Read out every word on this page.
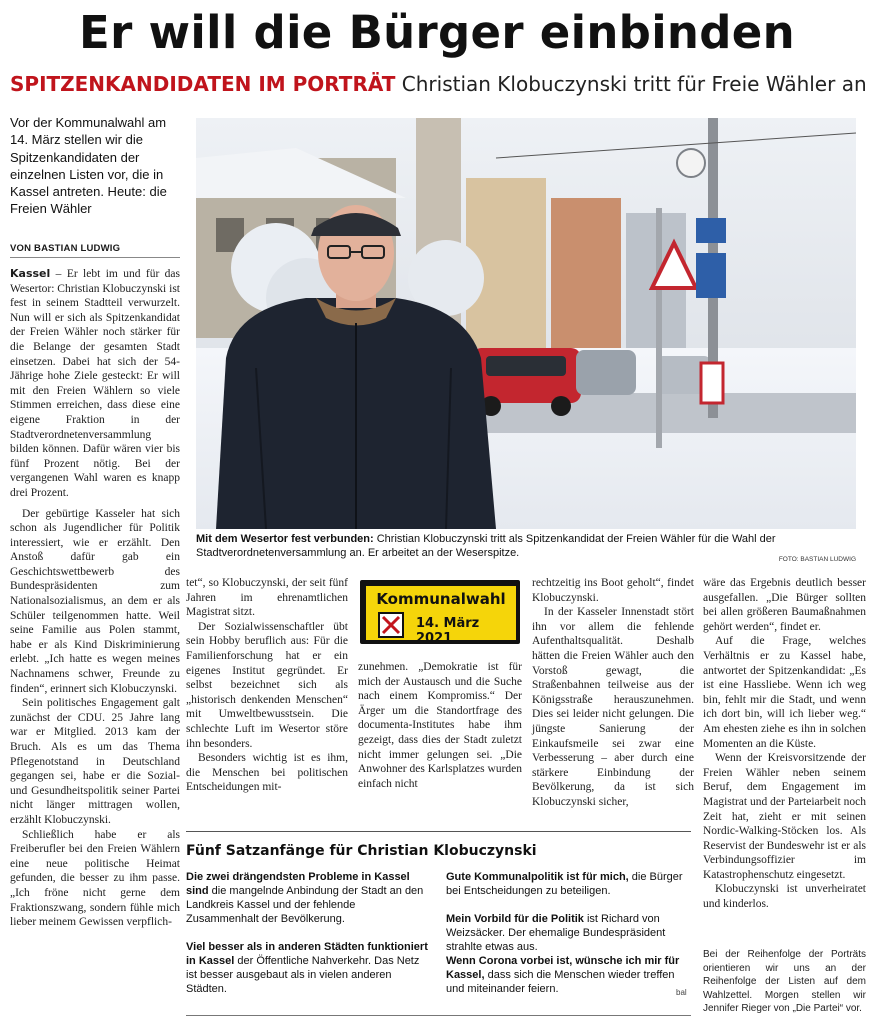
Er will die Bürger einbinden
SPITZENKANDIDATEN IM PORTRÄT Christian Klobuczynski tritt für Freie Wähler an
Vor der Kommunalwahl am 14. März stellen wir die Spitzenkandidaten der einzelnen Listen vor, die in Kassel antreten. Heute: die Freien Wähler
VON BASTIAN LUDWIG

Kassel – Er lebt im und für das Wesertor: Christian Klobuczynski ist fest in seinem Stadtteil verwurzelt. Nun will er sich als Spitzenkandidat der Freien Wähler noch stärker für die Belange der gesamten Stadt einsetzen. Dabei hat sich der 54-Jährige hohe Ziele gesteckt: Er will mit den Freien Wählern so viele Stimmen erreichen, dass diese eine eigene Fraktion in der Stadtverordnetenversammlung bilden können. Dafür wären vier bis fünf Prozent nötig. Bei der vergangenen Wahl waren es knapp drei Prozent.

Der gebürtige Kasseler hat sich schon als Jugendlicher für Politik interessiert, wie er erzählt. Den Anstoß dafür gab ein Geschichtswettbewerb des Bundespräsidenten zum Nationalsozialismus, an dem er als Schüler teilgenommen hatte. Weil seine Familie aus Polen stammt, habe er als Kind Diskriminierung erlebt. „Ich hatte es wegen meines Nachnamens schwer, Freunde zu finden“, erinnert sich Klobuczynski.

Sein politisches Engagement galt zunächst der CDU. 25 Jahre lang war er Mitglied. 2013 kam der Bruch. Als es um das Thema Pflegenotstand in Deutschland gegangen sei, habe er die Sozial- und Gesundheitspolitik seiner Partei nicht länger mittragen wollen, erzählt Klobuczynski.

Schließlich habe er als Freiberufler bei den Freien Wählern eine neue politische Heimat gefunden, die besser zu ihm passe. „Ich fröne nicht gerne dem Fraktionszwang, sondern fühle mich lieber meinem Gewissen verpflich-

Mit dem Wesertor fest verbunden: Christian Klobuczynski tritt als Spitzenkandidat der Freien Wähler für die Wahl der Stadtverordnetenversammlung an. Er arbeitet an der Weserspitze.
FOTO: BASTIAN LUDWIG

tet“, so Klobuczynski, der seit fünf Jahren im ehrenamtlichen Magistrat sitzt.

Der Sozialwissenschaftler übt sein Hobby beruflich aus: Für die Familienforschung hat er ein eigenes Institut gegründet. Er selbst bezeichnet sich als „historisch denkenden Menschen“ mit Umweltbewusstsein. Die schlechte Luft im Wesertor störe ihn besonders.

Besonders wichtig ist es ihm, die Menschen bei politischen Entscheidungen mit-

Kommunalwahl
14. März 2021

zunehmen. „Demokratie ist für mich der Austausch und die Suche nach einem Kompromiss.“ Der Ärger um die Standortfrage des documenta-Institutes habe ihm gezeigt, dass dies der Stadt zuletzt nicht immer gelungen sei. „Die Anwohner des Karlsplatzes wurden einfach nicht

rechtzeitig ins Boot geholt“, findet Klobuczynski.

In der Kasseler Innenstadt stört ihn vor allem die fehlende Aufenthaltsqualität. Deshalb hätten die Freien Wähler auch den Vorstoß gewagt, die Straßenbahnen teilweise aus der Königsstraße herauszunehmen. Dies sei leider nicht gelungen. Die jüngste Sanierung der Einkaufsmeile sei zwar eine Verbesserung – aber durch eine stärkere Einbindung der Bevölkerung, da ist sich Klobuczynski sicher,

wäre das Ergebnis deutlich besser ausgefallen. „Die Bürger sollten bei allen größeren Baumaßnahmen gehört werden“, findet er.

Auf die Frage, welches Verhältnis er zu Kassel habe, antwortet der Spitzenkandidat: „Es ist eine Hassliebe. Wenn ich weg bin, fehlt mir die Stadt, und wenn ich dort bin, will ich lieber weg.“ Am ehesten ziehe es ihn in solchen Momenten an die Küste.

Wenn der Kreisvorsitzende der Freien Wähler neben seinem Beruf, dem Engagement im Magistrat und der Parteiarbeit noch Zeit hat, zieht er mit seinen Nordic-Walking-Stöcken los. Als Reservist der Bundeswehr ist er als Verbindungsoffizier im Katastrophenschutz eingesetzt.

Klobuczynski ist unverheiratet und kinderlos.

Bei der Reihenfolge der Porträts orientieren wir uns an der Reihenfolge der Listen auf dem Wahlzettel. Morgen stellen wir Jennifer Rieger von „Die Partei“ vor.
Fünf Satzanfänge für Christian Klobuczynski
Die zwei drängendsten Probleme in Kassel sind die mangelnde Anbindung der Stadt an den Landkreis Kassel und der fehlende Zusammenhalt der Bevölkerung.
Viel besser als in anderen Städten funktioniert in Kassel der Öffentliche Nahverkehr. Das Netz ist besser ausgebaut als in vielen anderen Städten.
Gute Kommunalpolitik ist für mich, die Bürger bei Entscheidungen zu beteiligen.
Mein Vorbild für die Politik ist Richard von Weizsäcker. Der ehemalige Bundespräsident strahlte etwas aus.
Wenn Corona vorbei ist, wünsche ich mir für Kassel, dass sich die Menschen wieder treffen und miteinander feiern.	bal
